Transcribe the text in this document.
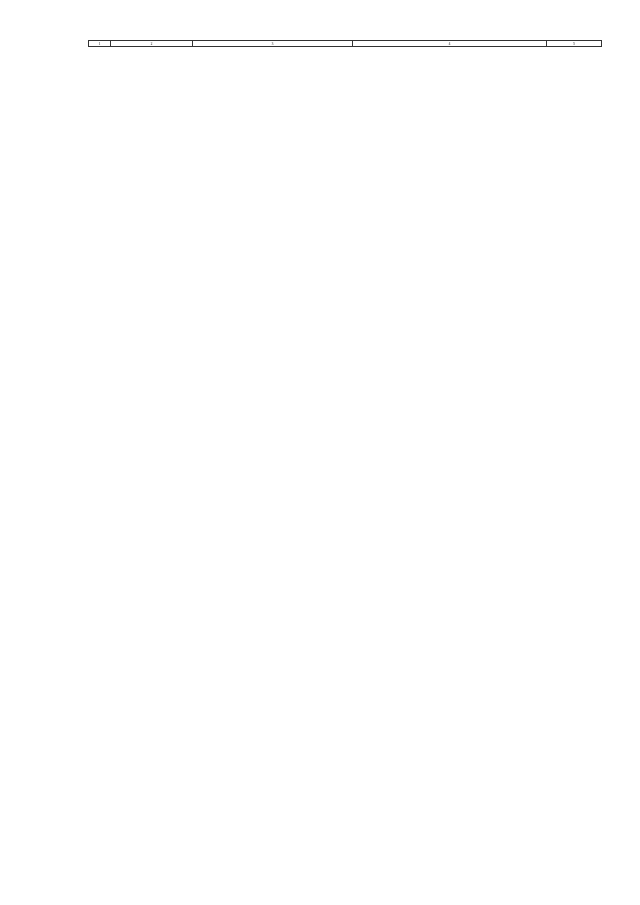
1	2	3	4	5
